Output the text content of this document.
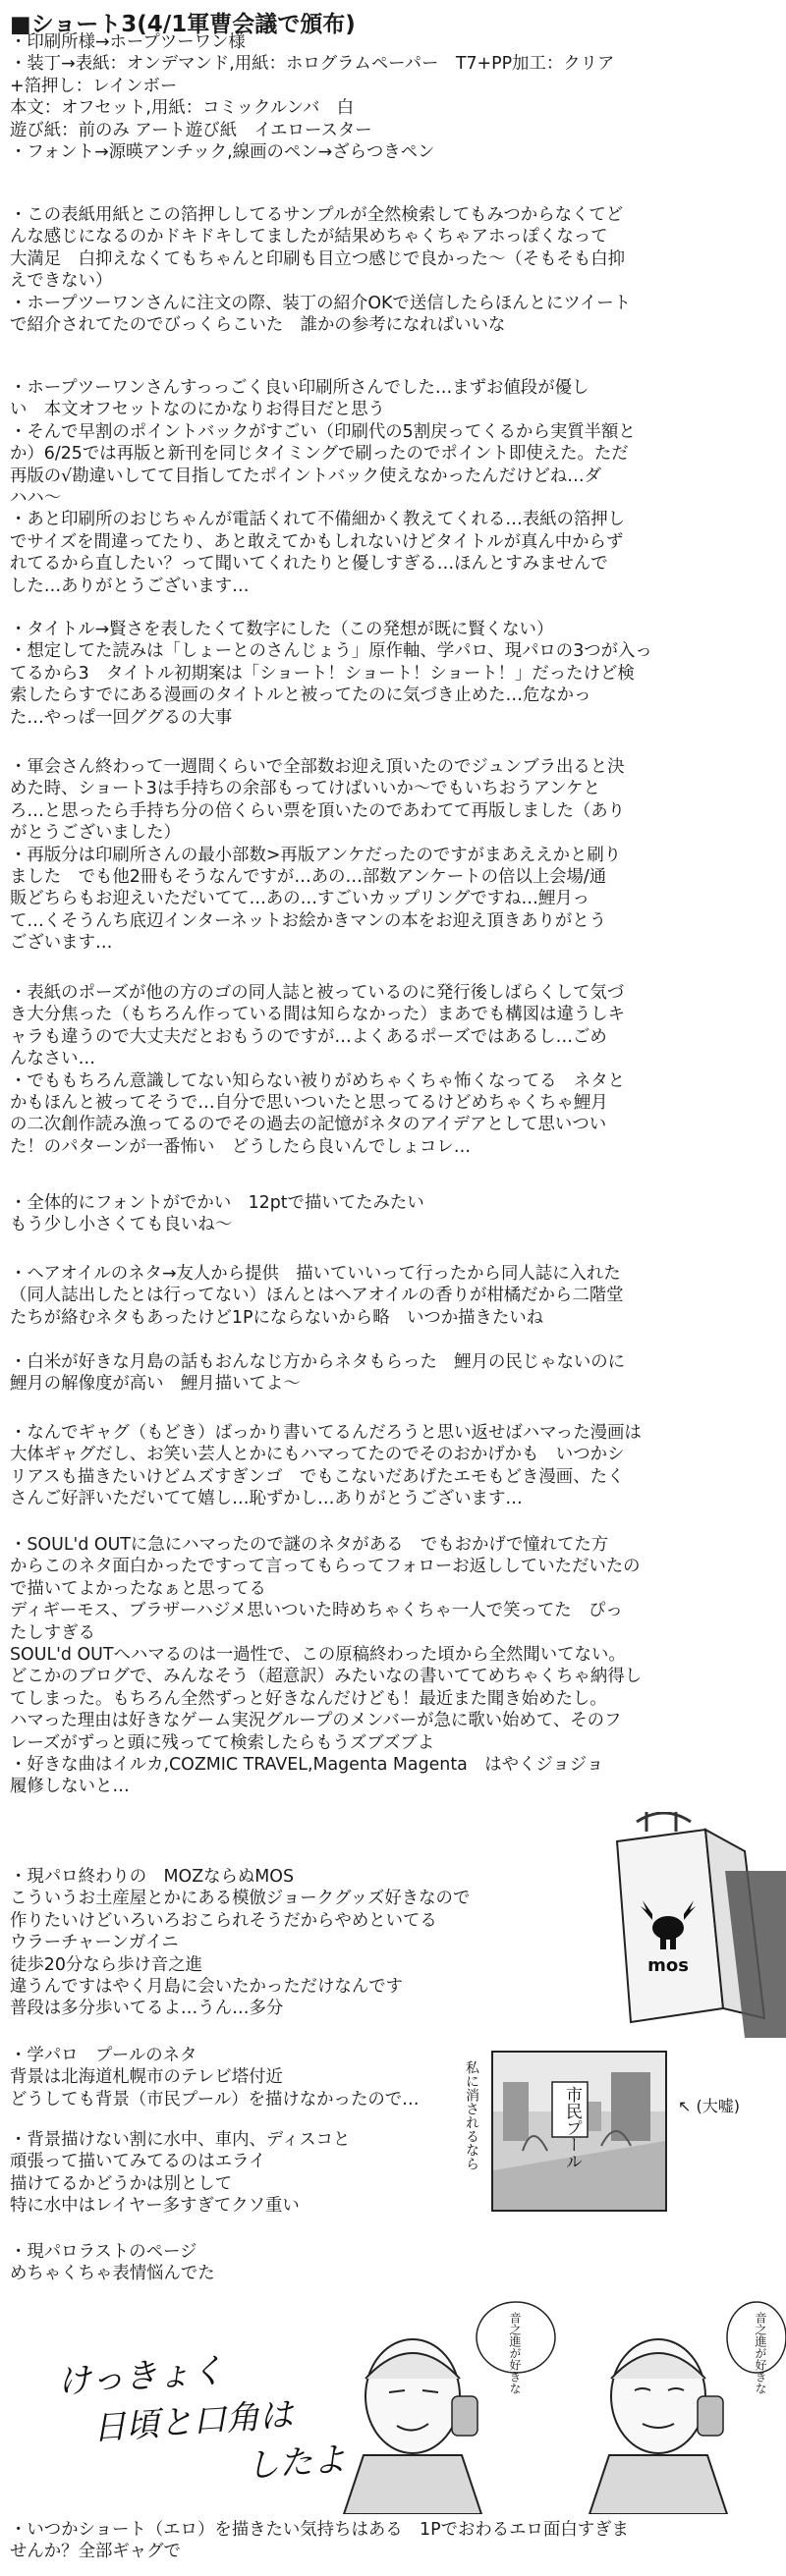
■ショート3(4/1軍曹会議で頒布)
・印刷所様→ホープツーワン様
・装丁→表紙：オンデマンド,用紙：ホログラムペーパー　T7+PP加工：クリア
+箔押し：レインボー
本文：オフセット,用紙：コミックルンバ　白
遊び紙：前のみ アート遊び紙　イエロースター
・フォント→源暎アンチック,線画のペン→ざらつきペン
・この表紙用紙とこの箔押ししてるサンプルが全然検索してもみつからなくてど
んな感じになるのかドキドキしてましたが結果めちゃくちゃアホっぽくなって
大満足　白抑えなくてもちゃんと印刷も目立つ感じで良かった〜（そもそも白抑
えできない）
・ホープツーワンさんに注文の際、装丁の紹介OKで送信したらほんとにツイート
で紹介されてたのでびっくらこいた　誰かの参考になればいいな
・ホープツーワンさんすっっごく良い印刷所さんでした…まずお値段が優し
い　本文オフセットなのにかなりお得目だと思う
・そんで早割のポイントバックがすごい（印刷代の5割戻ってくるから実質半額と
か）6/25では再版と新刊を同じタイミングで刷ったのでポイント即使えた。ただ
再版の√勘違いしてて目指してたポイントバック使えなかったんだけどね…ダ
ハハ〜
・あと印刷所のおじちゃんが電話くれて不備細かく教えてくれる…表紙の箔押し
でサイズを間違ってたり、あと敢えてかもしれないけどタイトルが真ん中からず
れてるから直したい？って聞いてくれたりと優しすぎる…ほんとすみませんで
した…ありがとうございます…
・タイトル→賢さを表したくて数字にした（この発想が既に賢くない）
・想定してた読みは「しょーとのさんじょう」原作軸、学パロ、現パロの3つが入っ
てるから3　タイトル初期案は「ショート！ショート！ショート！」だったけど検
索したらすでにある漫画のタイトルと被ってたのに気づき止めた…危なかっ
た…やっぱ一回ググるの大事
・軍会さん終わって一週間くらいで全部数お迎え頂いたのでジュンブラ出ると決
めた時、ショート3は手持ちの余部もってけばいいか〜でもいちおうアンケと
ろ…と思ったら手持ち分の倍くらい票を頂いたのであわてて再版しました（あり
がとうございました）
・再版分は印刷所さんの最小部数>再版アンケだったのですがまあええかと刷り
ました　でも他2冊もそうなんですが…あの…部数アンケートの倍以上会場/通
販どちらもお迎えいただいてて…あの…すごいカップリングですね…鯉月っ
て…くそうんち底辺インターネットお絵かきマンの本をお迎え頂きありがとう
ございます…
・表紙のポーズが他の方のゴの同人誌と被っているのに発行後しばらくして気づ
き大分焦った（もちろん作っている間は知らなかった）まあでも構図は違うしキ
ャラも違うので大丈夫だとおもうのですが…よくあるポーズではあるし…ごめ
んなさい…
・でももちろん意識してない知らない被りがめちゃくちゃ怖くなってる　ネタと
かもほんと被ってそうで…自分で思いついたと思ってるけどめちゃくちゃ鯉月
の二次創作読み漁ってるのでその過去の記憶がネタのアイデアとして思いつい
た！のパターンが一番怖い　どうしたら良いんでしょコレ…
・全体的にフォントがでかい　12ptで描いてたみたい
もう少し小さくても良いね〜
・ヘアオイルのネタ→友人から提供　描いていいって行ったから同人誌に入れた
（同人誌出したとは行ってない）ほんとはヘアオイルの香りが柑橘だから二階堂
たちが絡むネタもあったけど1Pにならないから略　いつか描きたいね
・白米が好きな月島の話もおんなじ方からネタもらった　鯉月の民じゃないのに
鯉月の解像度が高い　鯉月描いてよ〜
・なんでギャグ（もどき）ばっかり書いてるんだろうと思い返せばハマった漫画は
大体ギャグだし、お笑い芸人とかにもハマってたのでそのおかげかも　いつかシ
リアスも描きたいけどムズすぎンゴ　でもこないだあげたエモもどき漫画、たく
さんご好評いただいてて嬉し…恥ずかし…ありがとうございます…
・SOUL'd OUTに急にハマったので謎のネタがある　でもおかげで憧れてた方
からこのネタ面白かったですって言ってもらってフォローお返ししていただいたの
で描いてよかったなぁと思ってる
ディギーモス、ブラザーハジメ思いついた時めちゃくちゃ一人で笑ってた　ぴっ
たしすぎる
SOUL'd OUTへハマるのは一過性で、この原稿終わった頃から全然聞いてない。
どこかのブログで、みんなそう（超意訳）みたいなの書いててめちゃくちゃ納得し
てしまった。もちろん全然ずっと好きなんだけども！最近また聞き始めたし。
ハマった理由は好きなゲーム実況グループのメンバーが急に歌い始めて、そのフ
レーズがずっと頭に残ってて検索したらもうズブズブよ
・好きな曲はイルカ,COZMIC TRAVEL,Magenta Magenta　はやくジョジョ
履修しないと…
・現パロ終わりの　MOZならぬMOS
こういうお土産屋とかにある模倣ジョークグッズ好きなので
作りたいけどいろいろおこられそうだからやめといてる
ウラーチャーンガイニ
徒歩20分なら歩け音之進
違うんですはやく月島に会いたかっただけなんです
普段は多分歩いてるよ…うん…多分
・学パロ　プールのネタ
背景は北海道札幌市のテレビ塔付近
どうしても背景（市民プール）を描けなかったので…
・背景描けない割に水中、車内、ディスコと
頑張って描いてみてるのはエライ
描けてるかどうかは別として
特に水中はレイヤー多すぎてクソ重い
・現パロラストのページ
めちゃくちゃ表情悩んでた
・いつかショート（エロ）を描きたい気持ちはある　1Pでおわるエロ面白すぎま
せんか？全部ギャグで
mos
市民プール
私に消されるなら	↖ (大嘘)
音之進が好きな	音之進が好きな
けっきょく
日頃と口角は
したよ
